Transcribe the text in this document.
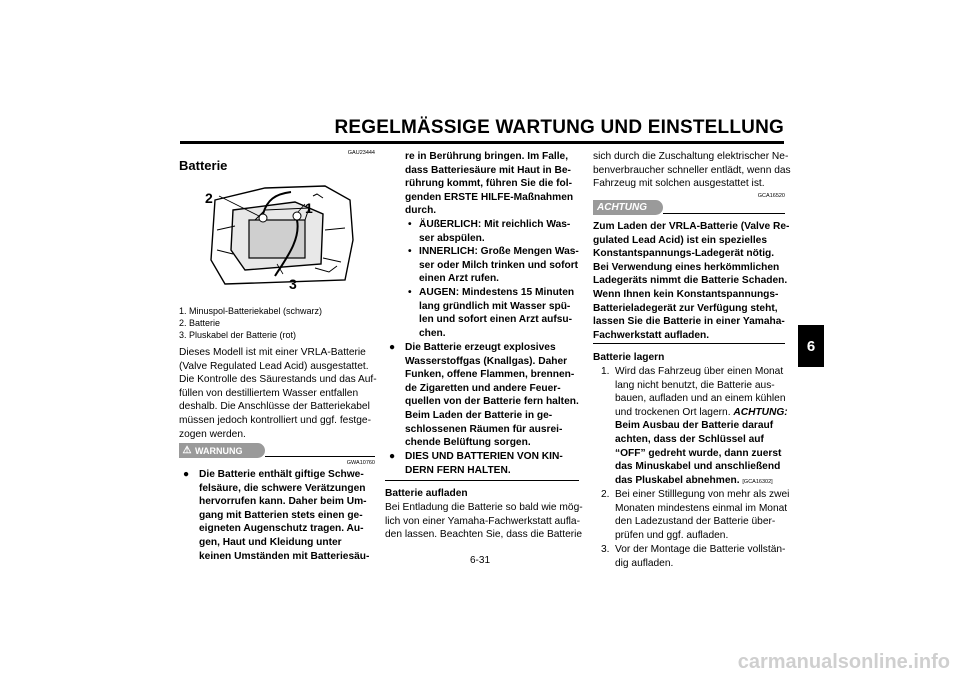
REGELMÄSSIGE WARTUNG UND EINSTELLUNG
6
GAU23444
Batterie
2
1
3
1. Minuspol-Batteriekabel (schwarz)
2. Batterie
3. Pluskabel der Batterie (rot)
Dieses Modell ist mit einer VRLA-Batterie
(Valve Regulated Lead Acid) ausgestattet.
Die Kontrolle des Säurestands und das Auf-
füllen von destilliertem Wasser entfallen
deshalb. Die Anschlüsse der Batteriekabel
müssen jedoch kontrolliert und ggf. festge-
zogen werden.
⚠ WARNUNG
GWA10760
● Die Batterie enthält giftige Schwe-
felsäure, die schwere Verätzungen
hervorrufen kann. Daher beim Um-
gang mit Batterien stets einen ge-
eigneten Augenschutz tragen. Au-
gen, Haut und Kleidung unter
keinen Umständen mit Batteriesäu-
re in Berührung bringen. Im Falle,
dass Batteriesäure mit Haut in Be-
rührung kommt, führen Sie die fol-
genden ERSTE HILFE-Maßnahmen
durch.
• ÄUßERLICH: Mit reichlich Was-
ser abspülen.
• INNERLICH: Große Mengen Was-
ser oder Milch trinken und sofort
einen Arzt rufen.
• AUGEN: Mindestens 15 Minuten
lang gründlich mit Wasser spü-
len und sofort einen Arzt aufsu-
chen.
● Die Batterie erzeugt explosives
Wasserstoffgas (Knallgas). Daher
Funken, offene Flammen, brennen-
de Zigaretten und andere Feuer-
quellen von der Batterie fern halten.
Beim Laden der Batterie in ge-
schlossenen Räumen für ausrei-
chende Belüftung sorgen.
● DIES UND BATTERIEN VON KIN-
DERN FERN HALTEN.
Batterie aufladen
Bei Entladung die Batterie so bald wie mög-
lich von einer Yamaha-Fachwerkstatt aufla-
den lassen. Beachten Sie, dass die Batterie
sich durch die Zuschaltung elektrischer Ne-
benverbraucher schneller entlädt, wenn das
Fahrzeug mit solchen ausgestattet ist.
GCA16520
ACHTUNG
Zum Laden der VRLA-Batterie (Valve Re-
gulated Lead Acid) ist ein spezielles
Konstantspannungs-Ladegerät nötig.
Bei Verwendung eines herkömmlichen
Ladegeräts nimmt die Batterie Schaden.
Wenn Ihnen kein Konstantspannungs-
Batterieladegerät zur Verfügung steht,
lassen Sie die Batterie in einer Yamaha-
Fachwerkstatt aufladen.
Batterie lagern
1. Wird das Fahrzeug über einen Monat
lang nicht benutzt, die Batterie aus-
bauen, aufladen und an einem kühlen
und trockenen Ort lagern. ACHTUNG:
Beim Ausbau der Batterie darauf
achten, dass der Schlüssel auf
“OFF” gedreht wurde, dann zuerst
das Minuskabel und anschließend
das Pluskabel abnehmen. [GCA16302]
2. Bei einer Stilllegung von mehr als zwei
Monaten mindestens einmal im Monat
den Ladezustand der Batterie über-
prüfen und ggf. aufladen.
3. Vor der Montage die Batterie vollstän-
dig aufladen.
6-31
carmanualsonline.info
